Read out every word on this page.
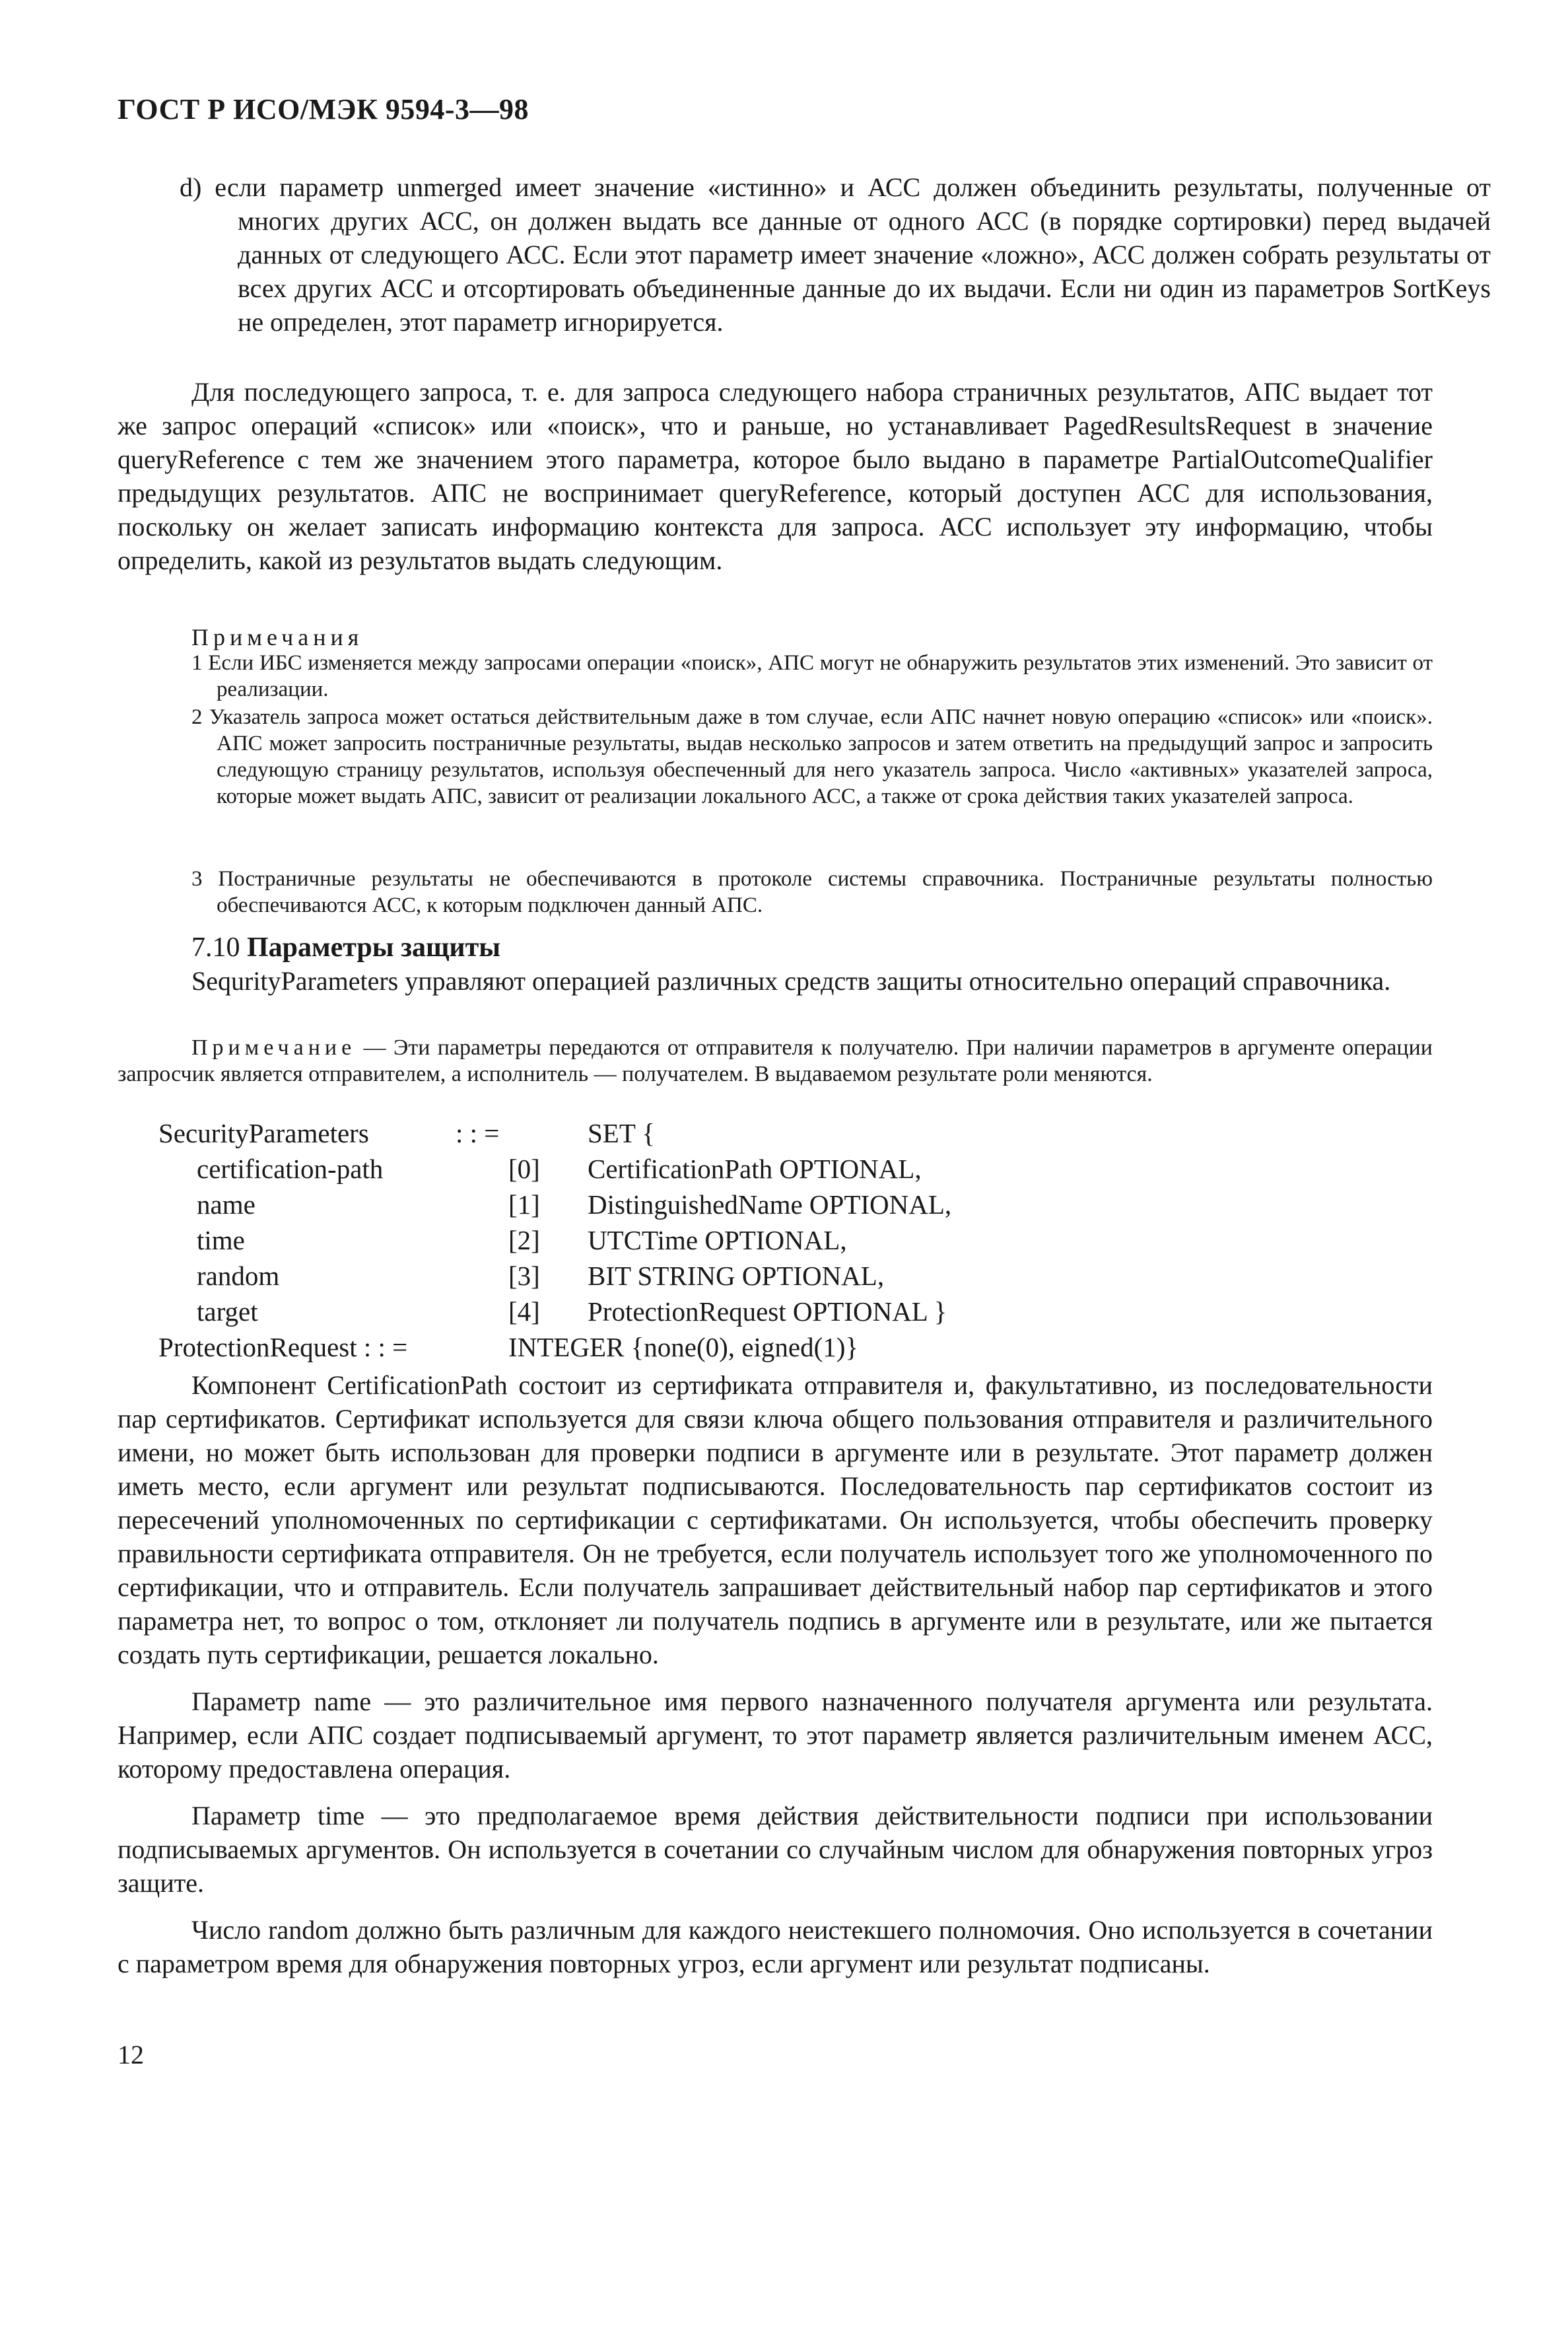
ГОСТ Р ИСО/МЭК 9594-3—98
d) если параметр unmerged имеет значение «истинно» и АСС должен объединить результаты, полученные от многих других АСС, он должен выдать все данные от одного АСС (в порядке сортировки) перед выдачей данных от следующего АСС. Если этот параметр имеет значение «ложно», АСС должен собрать результаты от всех других АСС и отсортировать объединенные данные до их выдачи. Если ни один из параметров SortKeys не определен, этот параметр игнорируется.
Для последующего запроса, т. е. для запроса следующего набора страничных результатов, АПС выдает тот же запрос операций «список» или «поиск», что и раньше, но устанавливает PagedResultsRequest в значение queryReference с тем же значением этого параметра, которое было выдано в параметре PartialOutcomeQualifier предыдущих результатов. АПС не воспринимает queryReference, который доступен АСС для использования, поскольку он желает записать информацию контекста для запроса. АСС использует эту информацию, чтобы определить, какой из результатов выдать следующим.
Примечания
1 Если ИБС изменяется между запросами операции «поиск», АПС могут не обнаружить результатов этих изменений. Это зависит от реализации.
2 Указатель запроса может остаться действительным даже в том случае, если АПС начнет новую операцию «список» или «поиск». АПС может запросить постраничные результаты, выдав несколько запросов и затем ответить на предыдущий запрос и запросить следующую страницу результатов, используя обеспеченный для него указатель запроса. Число «активных» указателей запроса, которые может выдать АПС, зависит от реализации локального АСС, а также от срока действия таких указателей запроса.
3 Постраничные результаты не обеспечиваются в протоколе системы справочника. Постраничные результаты полностью обеспечиваются АСС, к которым подключен данный АПС.
7.10 Параметры защиты
SequrityParameters управляют операцией различных средств защиты относительно операций справочника.
Примечание — Эти параметры передаются от отправителя к получателю. При наличии параметров в аргументе операции запросчик является отправителем, а исполнитель — получателем. В выдаваемом результате роли меняются.
SecurityParameters	: : =	SET {
certification-path	[0] CertificationPath OPTIONAL,
name	[1] DistinguishedName OPTIONAL,
time	[2] UTCTime OPTIONAL,
random	[3] BIT STRING OPTIONAL,
target	[4] ProtectionRequest OPTIONAL }
ProtectionRequest : : =	INTEGER {none(0), eigned(1)}

Компонент CertificationPath состоит из сертификата отправителя и, факультативно, из последовательности пар сертификатов. Сертификат используется для связи ключа общего пользования отправителя и различительного имени, но может быть использован для проверки подписи в аргументе или в результате. Этот параметр должен иметь место, если аргумент или результат подписываются. Последовательность пар сертификатов состоит из пересечений уполномоченных по сертификации с сертификатами. Он используется, чтобы обеспечить проверку правильности сертификата отправителя. Он не требуется, если получатель использует того же уполномоченного по сертификации, что и отправитель. Если получатель запрашивает действительный набор пар сертификатов и этого параметра нет, то вопрос о том, отклоняет ли получатель подпись в аргументе или в результате, или же пытается создать путь сертификации, решается локально.

Параметр name — это различительное имя первого назначенного получателя аргумента или результата. Например, если АПС создает подписываемый аргумент, то этот параметр является различительным именем АСС, которому предоставлена операция.

Параметр time — это предполагаемое время действия действительности подписи при использовании подписываемых аргументов. Он используется в сочетании со случайным числом для обнаружения повторных угроз защите.

Число random должно быть различным для каждого неистекшего полномочия. Оно используется в сочетании с параметром время для обнаружения повторных угроз, если аргумент или результат подписаны.

12
